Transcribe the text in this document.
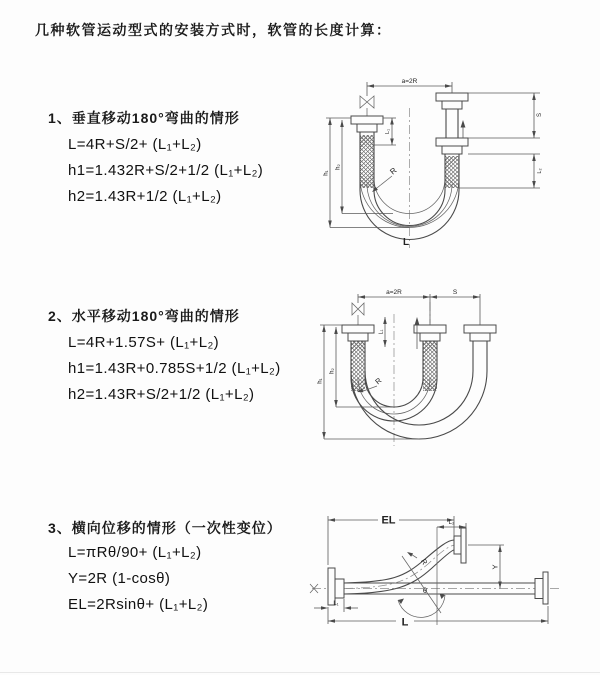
几种软管运动型式的安装方式时，软管的长度计算：
1、垂直移动180°弯曲的情形
L=4R+S/2+ (L₁+L₂)
h1=1.432R+S/2+1/2 (L₁+L₂)
h2=1.43R+1/2 (L₁+L₂)
2、水平移动180°弯曲的情形
L=4R+1.57S+ (L₁+L₂)
h1=1.43R+0.785S+1/2 (L₁+L₂)
h2=1.43R+S/2+1/2 (L₁+L₂)
3、横向位移的情形（一次性变位）
L=πRθ/90+ (L₁+L₂)
Y=2R (1-cosθ)
EL=2Rsinθ+ (L₁+L₂)
a=2R
L₁
h₁
h₂
S
L₂
R
L
a=2R	S
L₁
h₁
h₂
R
θ
R
EL	L₂
Y
L
L₁
